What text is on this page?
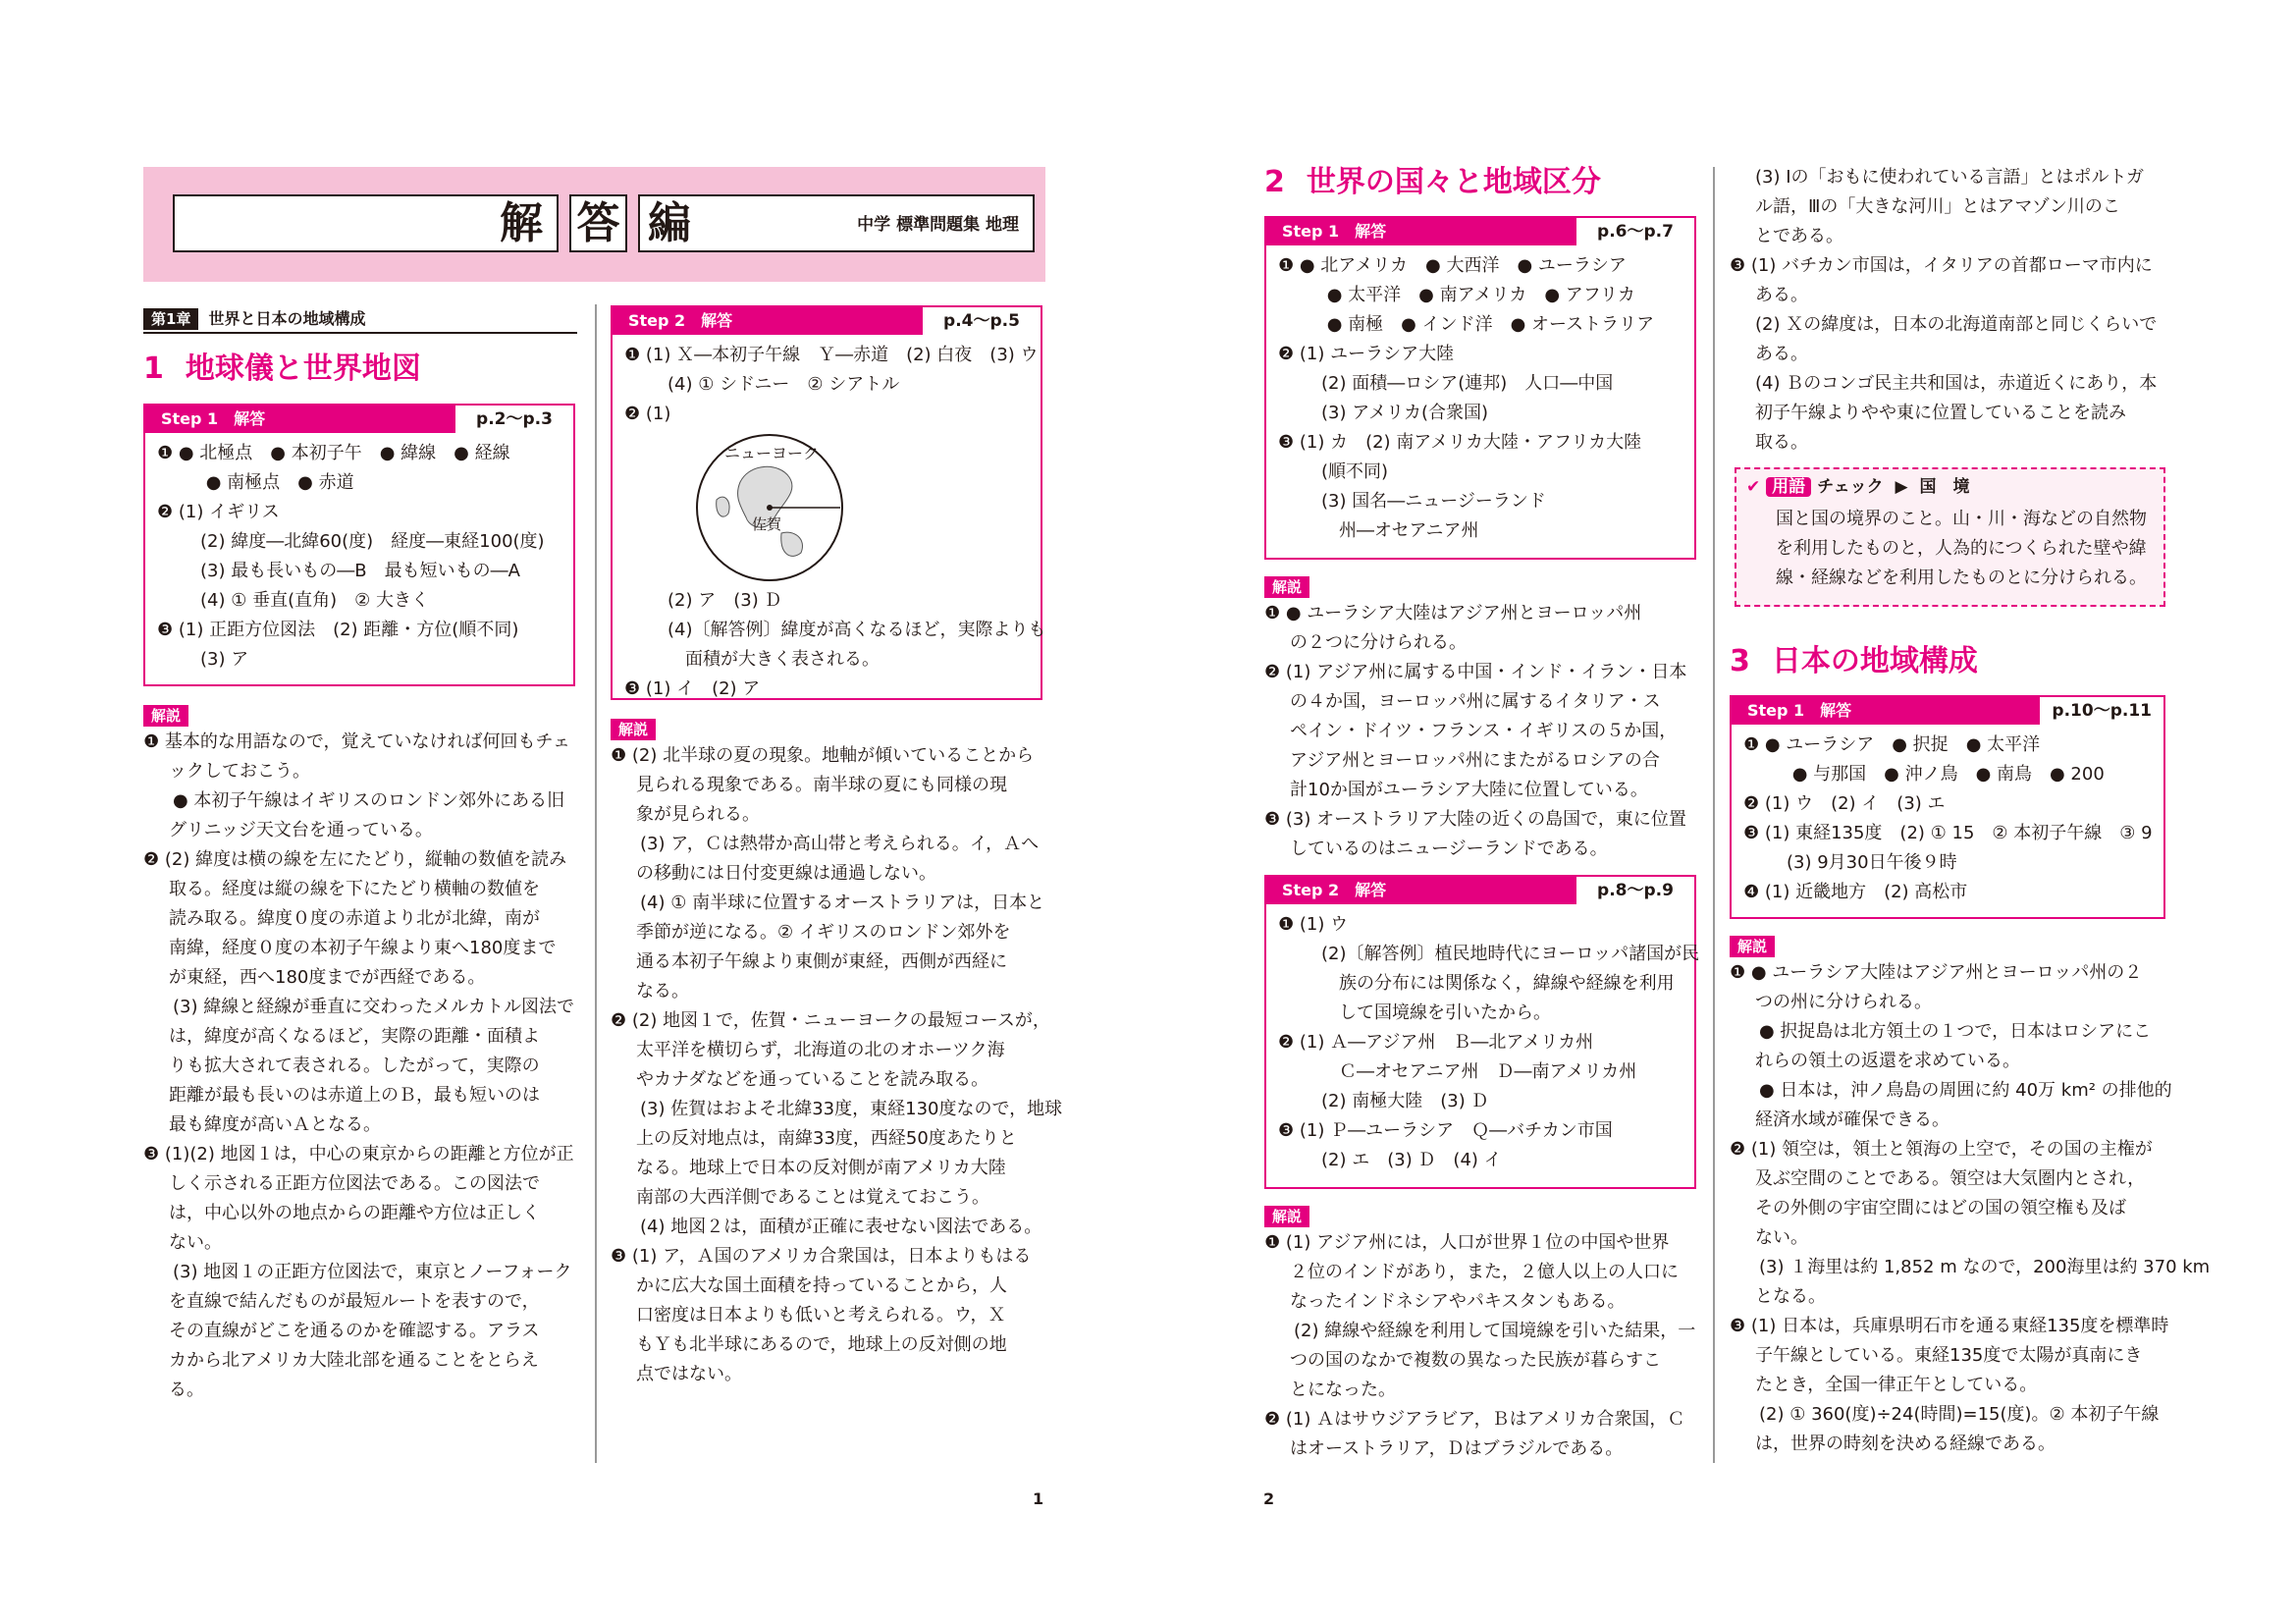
解 答 編	中学 標準問題集 地理
第1章	世界と日本の地域構成
1 地球儀と世界地図
Step 1　解答	p.2〜p.3
❶ ● 北極点　● 本初子午　● 緯線　● 経線
　 ● 南極点　● 赤道
❷ (1) イギリス
　(2) 緯度―北緯60(度)　経度―東経100(度)
　(3) 最も長いもの―B　最も短いもの―A
　(4) ① 垂直(直角)　② 大きく
❸ (1) 正距方位図法　(2) 距離・方位(順不同)
　(3) ア
解説
❶ 基本的な用語なので，覚えていなければ何回もチェ
ックしておこう。
● 本初子午線はイギリスのロンドン郊外にある旧
グリニッジ天文台を通っている。
❷ (2) 緯度は横の線を左にたどり，縦軸の数値を読み
取る。経度は縦の線を下にたどり横軸の数値を
読み取る。緯度０度の赤道より北が北緯，南が
南緯，経度０度の本初子午線より東へ180度まで
が東経，西へ180度までが西経である。
(3) 緯線と経線が垂直に交わったメルカトル図法で
は，緯度が高くなるほど，実際の距離・面積よ
りも拡大されて表される。したがって，実際の
距離が最も長いのは赤道上のＢ，最も短いのは
最も緯度が高いＡとなる。
❸ (1)(2) 地図１は，中心の東京からの距離と方位が正
しく示される正距方位図法である。この図法で
は，中心以外の地点からの距離や方位は正しく
ない。
(3) 地図１の正距方位図法で，東京とノーフォーク
を直線で結んだものが最短ルートを表すので，
その直線がどこを通るのかを確認する。アラス
カから北アメリカ大陸北部を通ることをとらえ
る。
Step 2　解答	p.4〜p.5
❶ (1) Ｘ―本初子午線　Ｙ―赤道　(2) 白夜　(3) ウ
　(4) ① シドニー　② シアトル
❷ (1)
ニューヨーク
佐賀
　(2) ア　(3) Ｄ
　(4)〔解答例〕緯度が高くなるほど，実際よりも
　　面積が大きく表される。
❸ (1) イ　(2) ア
解説
❶ (2) 北半球の夏の現象。地軸が傾いていることから
見られる現象である。南半球の夏にも同様の現
象が見られる。
(3) ア，Ｃは熱帯か高山帯と考えられる。イ，Ａへ
の移動には日付変更線は通過しない。
(4) ① 南半球に位置するオーストラリアは，日本と
季節が逆になる。② イギリスのロンドン郊外を
通る本初子午線より東側が東経，西側が西経に
なる。
❷ (2) 地図１で，佐賀・ニューヨークの最短コースが，
太平洋を横切らず，北海道の北のオホーツク海
やカナダなどを通っていることを読み取る。
(3) 佐賀はおよそ北緯33度，東経130度なので，地球
上の反対地点は，南緯33度，西経50度あたりと
なる。地球上で日本の反対側が南アメリカ大陸
南部の大西洋側であることは覚えておこう。
(4) 地図２は，面積が正確に表せない図法である。
❸ (1) ア，Ａ国のアメリカ合衆国は，日本よりもはる
かに広大な国土面積を持っていることから，人
口密度は日本よりも低いと考えられる。ウ，Ｘ
もＹも北半球にあるので，地球上の反対側の地
点ではない。
1	2
2 世界の国々と地域区分
Step 1　解答	p.6〜p.7
❶ ● 北アメリカ　● 大西洋　● ユーラシア
　 ● 太平洋　● 南アメリカ　● アフリカ
　 ● 南極　● インド洋　● オーストラリア
❷ (1) ユーラシア大陸
　(2) 面積―ロシア(連邦)　人口―中国
　(3) アメリカ(合衆国)
❸ (1) カ　(2) 南アメリカ大陸・アフリカ大陸
　(順不同)
　(3) 国名―ニュージーランド
　　州―オセアニア州
解説
❶ ● ユーラシア大陸はアジア州とヨーロッパ州
の２つに分けられる。
❷ (1) アジア州に属する中国・インド・イラン・日本
の４か国，ヨーロッパ州に属するイタリア・ス
ペイン・ドイツ・フランス・イギリスの５か国，
アジア州とヨーロッパ州にまたがるロシアの合
計10か国がユーラシア大陸に位置している。
❸ (3) オーストラリア大陸の近くの島国で，東に位置
しているのはニュージーランドである。
Step 2　解答	p.8〜p.9
❶ (1) ウ
　(2)〔解答例〕植民地時代にヨーロッパ諸国が民
　　族の分布には関係なく，緯線や経線を利用
　　して国境線を引いたから。
❷ (1) Ａ―アジア州　Ｂ―北アメリカ州
　　Ｃ―オセアニア州　Ｄ―南アメリカ州
　(2) 南極大陸　(3) Ｄ
❸ (1) Ｐ―ユーラシア　Ｑ―バチカン市国
　(2) エ　(3) Ｄ　(4) イ
解説
❶ (1) アジア州には，人口が世界１位の中国や世界
２位のインドがあり，また，２億人以上の人口に
なったインドネシアやパキスタンもある。
(2) 緯線や経線を利用して国境線を引いた結果，一
つの国のなかで複数の異なった民族が暮らすこ
とになった。
❷ (1) Ａはサウジアラビア，Ｂはアメリカ合衆国，Ｃ
はオーストラリア，Ｄはブラジルである。
(3) Ⅰの「おもに使われている言語」とはポルトガ
ル語，Ⅲの「大きな河川」とはアマゾン川のこ
とである。
❸ (1) バチカン市国は，イタリアの首都ローマ市内に
ある。
(2) Ｘの緯度は，日本の北海道南部と同じくらいで
ある。
(4) Ｂのコンゴ民主共和国は，赤道近くにあり，本
初子午線よりやや東に位置していることを読み
取る。
✔ 用語 チェック ▶ 国　境
国と国の境界のこと。山・川・海などの自然物
を利用したものと，人為的につくられた壁や緯
線・経線などを利用したものとに分けられる。
3 日本の地域構成
Step 1　解答	p.10〜p.11
❶ ● ユーラシア　● 択捉　● 太平洋
　 ● 与那国　● 沖ノ鳥　● 南鳥　● 200
❷ (1) ウ　(2) イ　(3) エ
❸ (1) 東経135度　(2) ① 15　② 本初子午線　③ 9
　(3) 9月30日午後９時
❹ (1) 近畿地方　(2) 高松市
解説
❶ ● ユーラシア大陸はアジア州とヨーロッパ州の２
つの州に分けられる。
● 択捉島は北方領土の１つで，日本はロシアにこ
れらの領土の返還を求めている。
● 日本は，沖ノ鳥島の周囲に約 40万 km² の排他的
経済水域が確保できる。
❷ (1) 領空は，領土と領海の上空で，その国の主権が
及ぶ空間のことである。領空は大気圏内とされ，
その外側の宇宙空間にはどの国の領空権も及ば
ない。
(3) １海里は約 1,852 m なので，200海里は約 370 km
となる。
❸ (1) 日本は，兵庫県明石市を通る東経135度を標準時
子午線としている。東経135度で太陽が真南にき
たとき，全国一律正午としている。
(2) ① 360(度)÷24(時間)=15(度)。② 本初子午線
は，世界の時刻を決める経線である。
